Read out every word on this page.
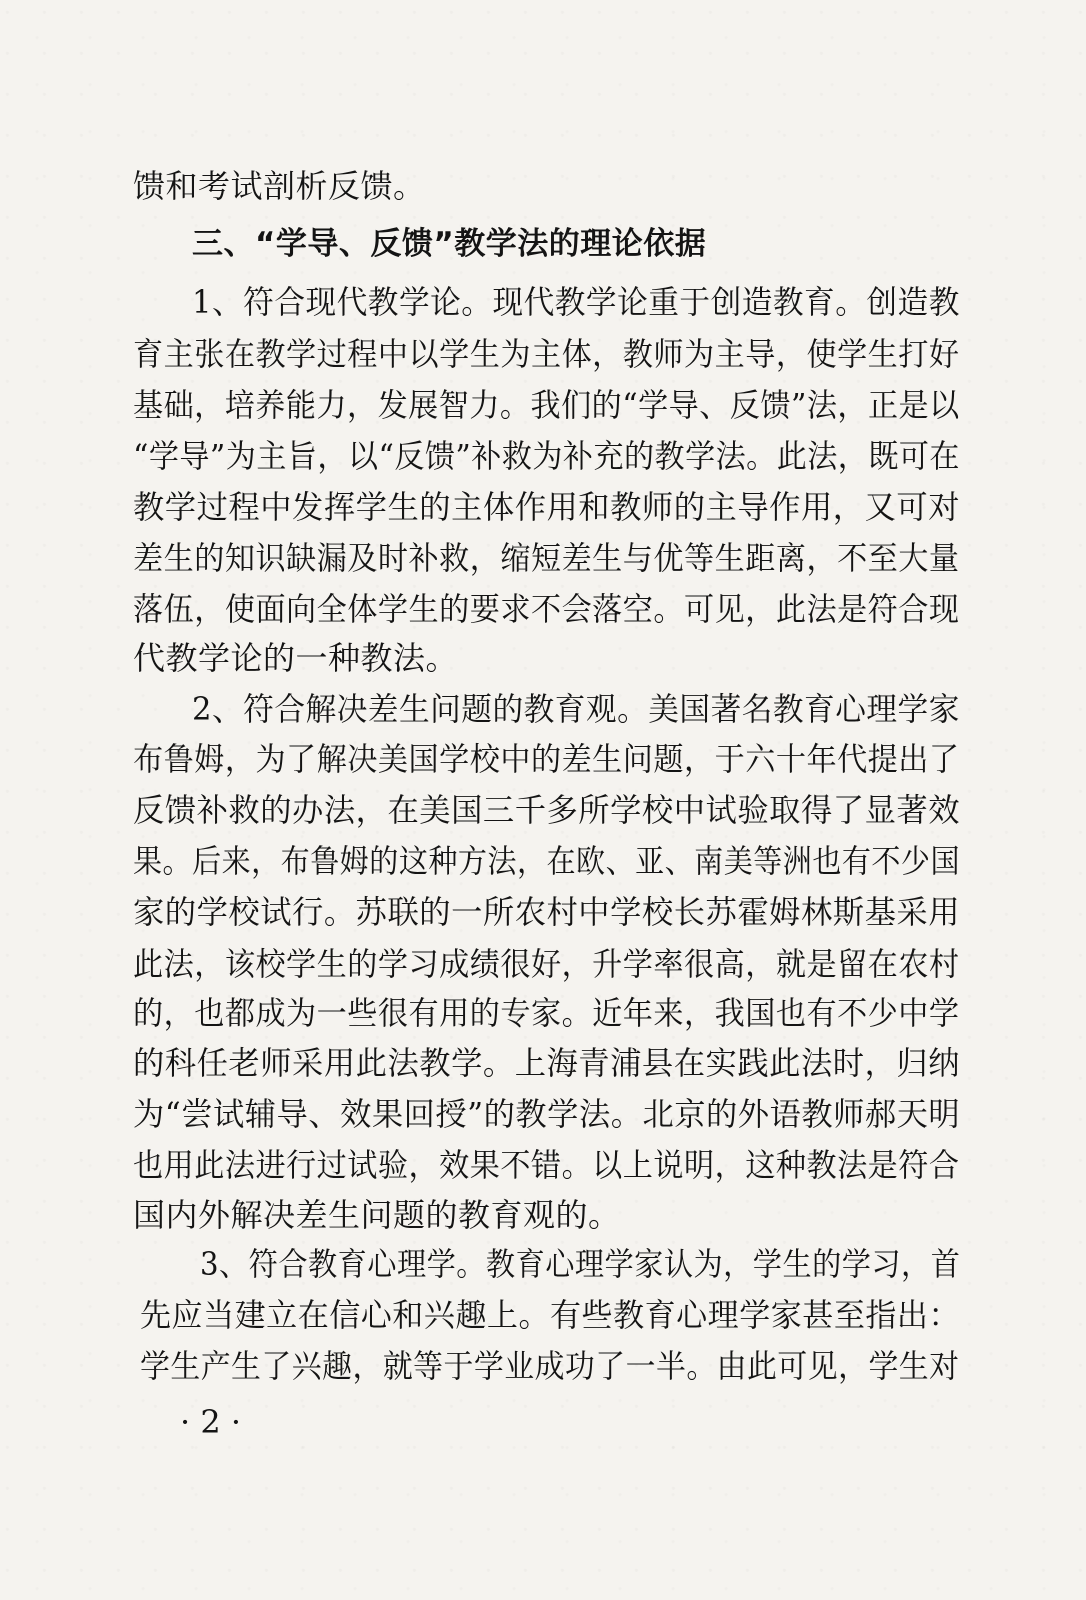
馈和考试剖析反馈。
三、“学导、反馈”教学法的理论依据
1、符合现代教学论。现代教学论重于创造教育。创造教
育主张在教学过程中以学生为主体，教师为主导，使学生打好
基础，培养能力，发展智力。我们的“学导、反馈”法，正是以
“学导”为主旨，以“反馈”补救为补充的教学法。此法，既可在
教学过程中发挥学生的主体作用和教师的主导作用，又可对
差生的知识缺漏及时补救，缩短差生与优等生距离，不至大量
落伍，使面向全体学生的要求不会落空。可见，此法是符合现
代教学论的一种教法。
2、符合解决差生问题的教育观。美国著名教育心理学家
布鲁姆，为了解决美国学校中的差生问题，于六十年代提出了
反馈补救的办法，在美国三千多所学校中试验取得了显著效
果。后来，布鲁姆的这种方法，在欧、亚、南美等洲也有不少国
家的学校试行。苏联的一所农村中学校长苏霍姆林斯基采用
此法，该校学生的学习成绩很好，升学率很高，就是留在农村
的，也都成为一些很有用的专家。近年来，我国也有不少中学
的科任老师采用此法教学。上海青浦县在实践此法时，归纳
为“尝试辅导、效果回授”的教学法。北京的外语教师郝天明
也用此法进行过试验，效果不错。以上说明，这种教法是符合
国内外解决差生问题的教育观的。
3、符合教育心理学。教育心理学家认为，学生的学习，首
先应当建立在信心和兴趣上。有些教育心理学家甚至指出：
学生产生了兴趣，就等于学业成功了一半。由此可见，学生对
· 2 ·
